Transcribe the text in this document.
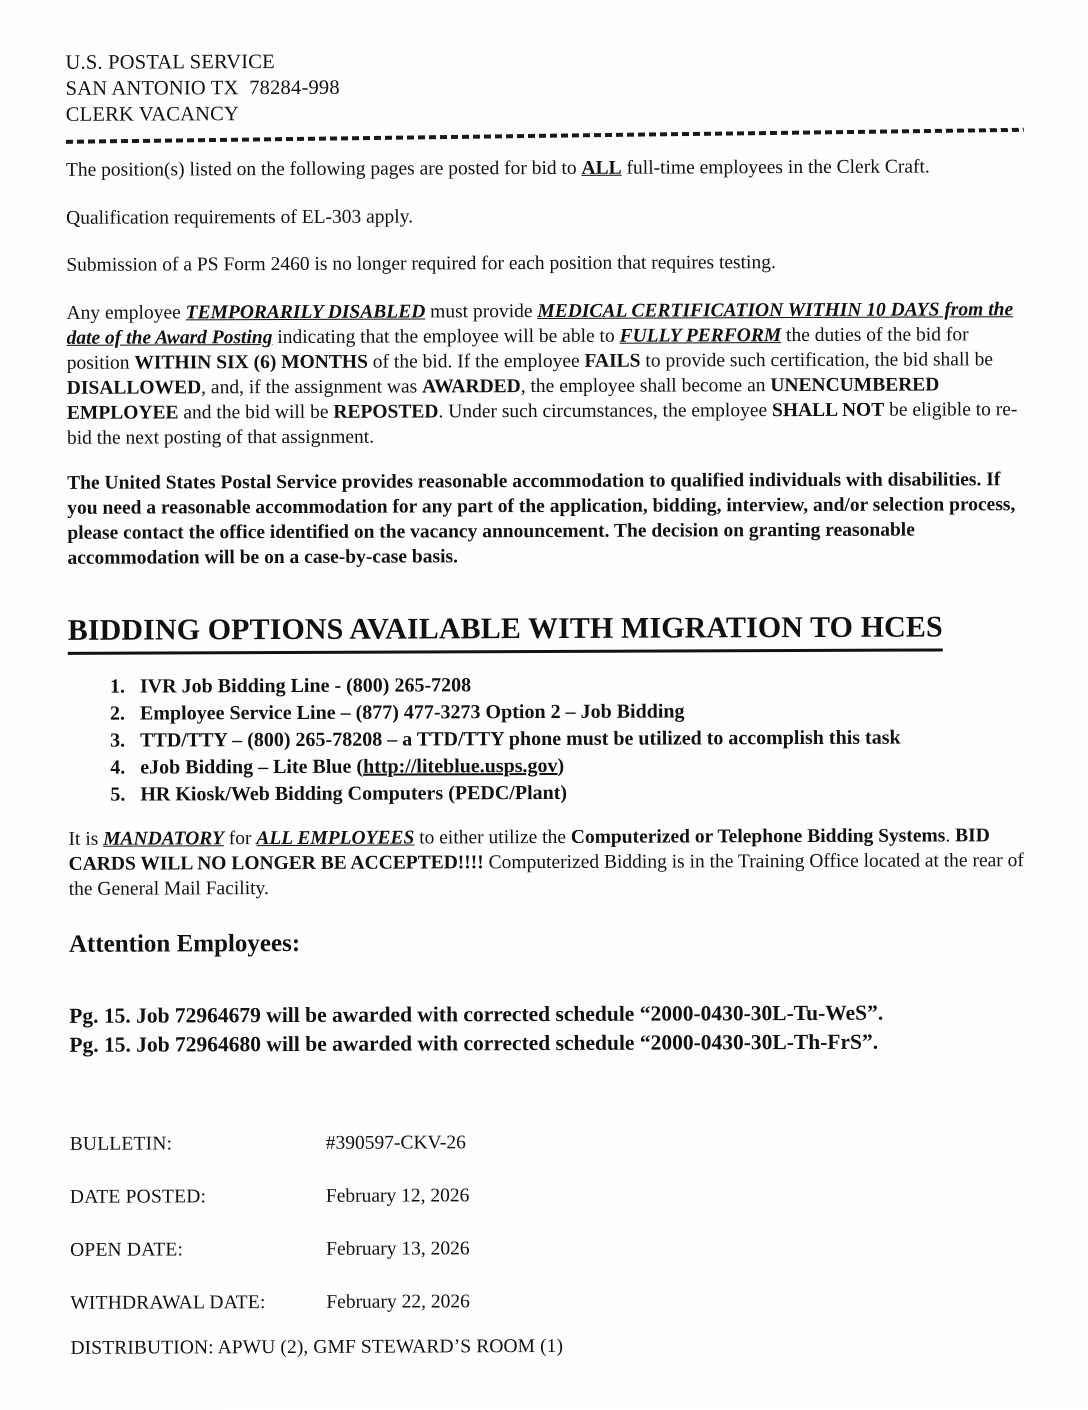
U.S. POSTAL SERVICE
SAN ANTONIO TX  78284-998
CLERK VACANCY

The position(s) listed on the following pages are posted for bid to ALL full-time employees in the Clerk Craft.

Qualification requirements of EL-303 apply.

Submission of a PS Form 2460 is no longer required for each position that requires testing.

Any employee TEMPORARILY DISABLED must provide MEDICAL CERTIFICATION WITHIN 10 DAYS from the date of the Award Posting indicating that the employee will be able to FULLY PERFORM the duties of the bid for position WITHIN SIX (6) MONTHS of the bid. If the employee FAILS to provide such certification, the bid shall be DISALLOWED, and, if the assignment was AWARDED, the employee shall become an UNENCUMBERED EMPLOYEE and the bid will be REPOSTED. Under such circumstances, the employee SHALL NOT be eligible to re-bid the next posting of that assignment.

The United States Postal Service provides reasonable accommodation to qualified individuals with disabilities. If you need a reasonable accommodation for any part of the application, bidding, interview, and/or selection process, please contact the office identified on the vacancy announcement. The decision on granting reasonable accommodation will be on a case-by-case basis.

BIDDING OPTIONS AVAILABLE WITH MIGRATION TO HCES
1. IVR Job Bidding Line - (800) 265-7208
2. Employee Service Line – (877) 477-3273 Option 2 – Job Bidding
3. TTD/TTY – (800) 265-78208 – a TTD/TTY phone must be utilized to accomplish this task
4. eJob Bidding – Lite Blue (http://liteblue.usps.gov)
5. HR Kiosk/Web Bidding Computers (PEDC/Plant)

It is MANDATORY for ALL EMPLOYEES to either utilize the Computerized or Telephone Bidding Systems. BID CARDS WILL NO LONGER BE ACCEPTED!!!! Computerized Bidding is in the Training Office located at the rear of the General Mail Facility.

Attention Employees:
Pg. 15. Job 72964679 will be awarded with corrected schedule “2000-0430-30L-Tu-WeS”.
Pg. 15. Job 72964680 will be awarded with corrected schedule “2000-0430-30L-Th-FrS”.
BULLETIN:	#390597-CKV-26
DATE POSTED:	February 12, 2026
OPEN DATE:	February 13, 2026
WITHDRAWAL DATE:	February 22, 2026
DISTRIBUTION: APWU (2), GMF STEWARD’S ROOM (1)
